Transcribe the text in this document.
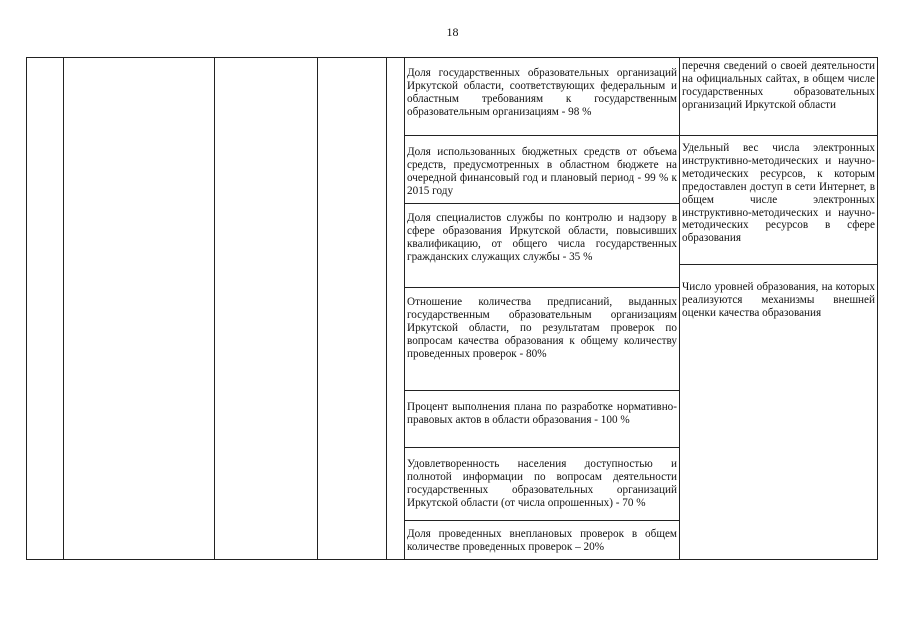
18
Доля государственных образовательных организаций Иркутской области, соответствующих федеральным и областным требованиям к государственным образовательным организациям - 98 %
Доля использованных бюджетных средств от объема средств, предусмотренных в областном бюджете на очередной финансовый год и плановый период - 99 % к 2015 году
Доля специалистов службы по контролю и надзору в сфере образования Иркутской области, повысивших квалификацию, от общего числа государственных гражданских служащих службы - 35 %
Отношение количества предписаний, выданных государственным образовательным организациям Иркутской области, по результатам проверок по вопросам качества образования к общему количеству проведенных проверок - 80%
Процент выполнения плана по разработке нормативно-правовых актов в области образования - 100 %
Удовлетворенность населения доступностью и полнотой информации по вопросам деятельности государственных образовательных организаций Иркутской области (от числа опрошенных) - 70 %
Доля проведенных внеплановых проверок в общем количестве проведенных проверок – 20%
перечня сведений о своей деятельности на официальных сайтах, в общем числе государственных образовательных организаций Иркутской области
Удельный вес числа электронных инструктивно-методических и научно-методических ресурсов, к которым предоставлен доступ в сети Интернет, в общем числе электронных инструктивно-методических и научно-методических ресурсов в сфере образования
Число уровней образования, на которых реализуются механизмы внешней оценки качества образования
